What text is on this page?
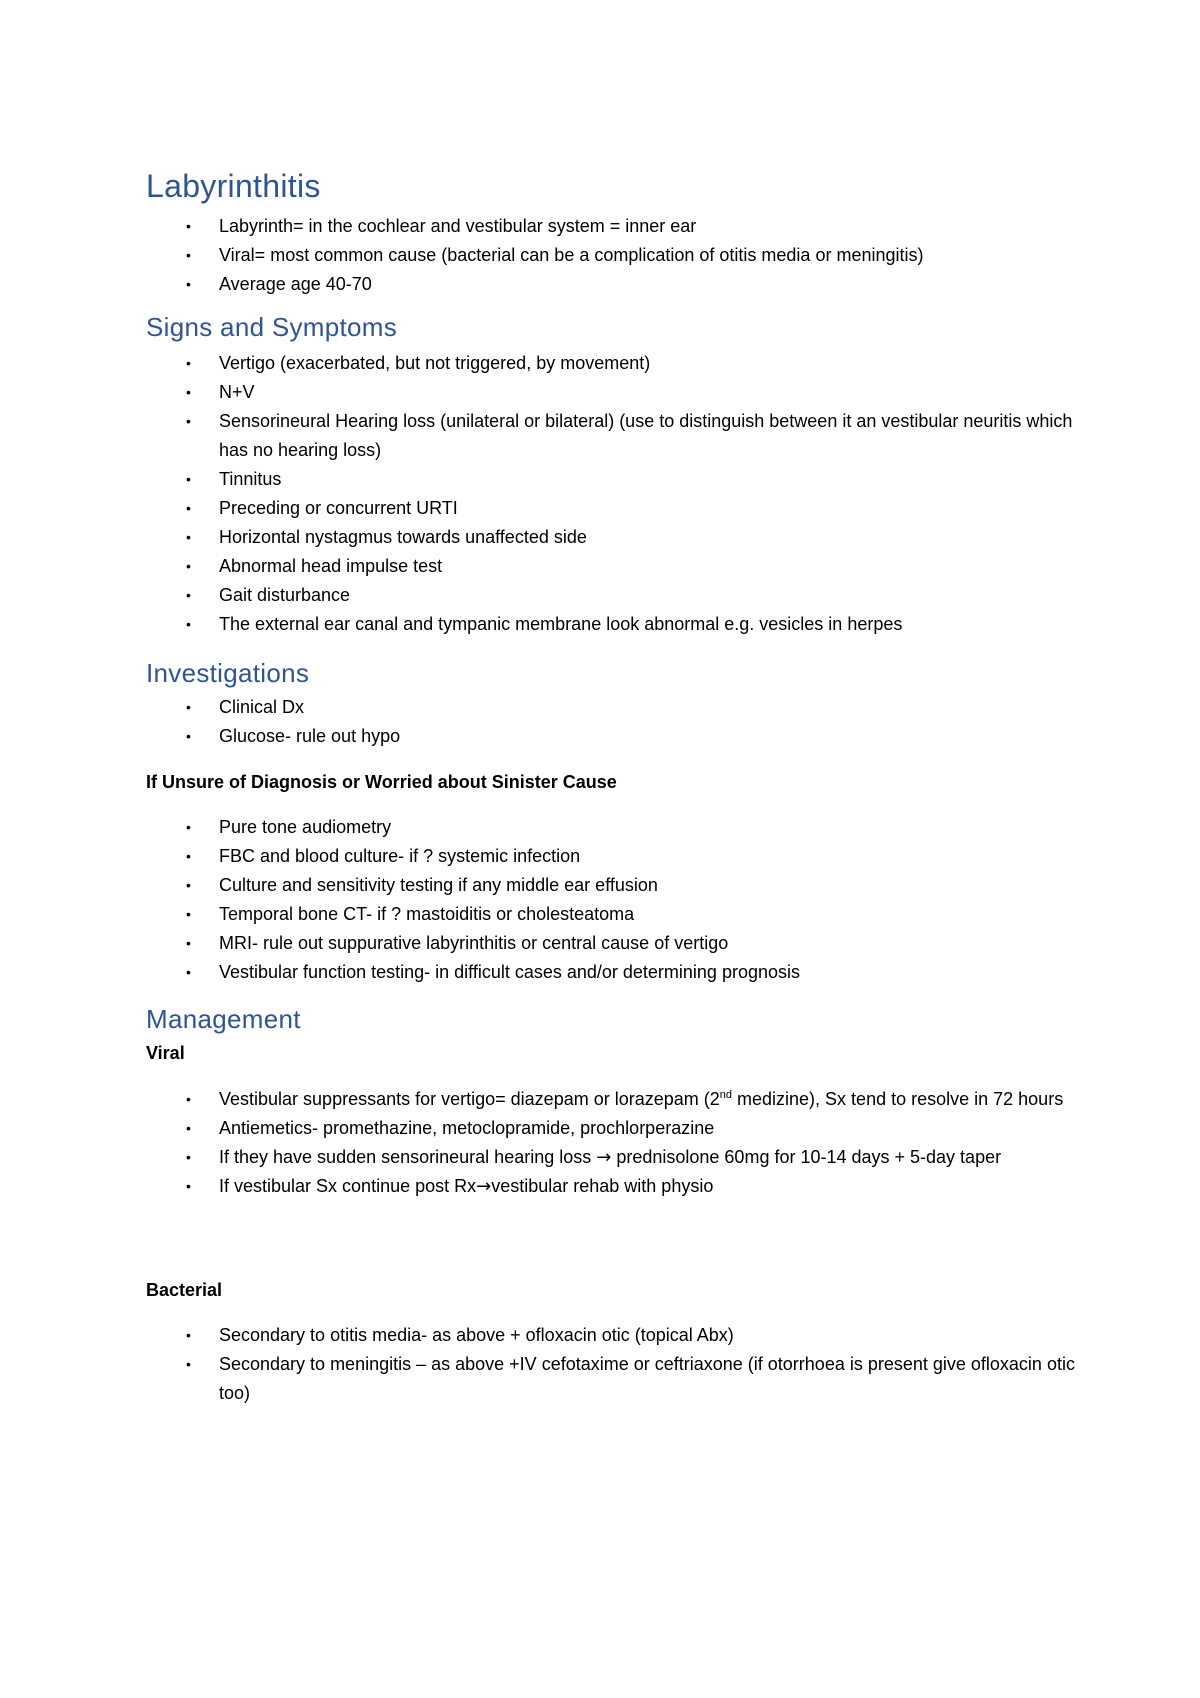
Labyrinthitis
• Labyrinth= in the cochlear and vestibular system = inner ear
• Viral= most common cause (bacterial can be a complication of otitis media or meningitis)
• Average age 40-70
Signs and Symptoms
• Vertigo (exacerbated, but not triggered, by movement)
• N+V
• Sensorineural Hearing loss (unilateral or bilateral) (use to distinguish between it an vestibular neuritis which has no hearing loss)
• Tinnitus
• Preceding or concurrent URTI
• Horizontal nystagmus towards unaffected side
• Abnormal head impulse test
• Gait disturbance
• The external ear canal and tympanic membrane look abnormal e.g. vesicles in herpes
Investigations
• Clinical Dx
• Glucose- rule out hypo
If Unsure of Diagnosis or Worried about Sinister Cause
• Pure tone audiometry
• FBC and blood culture- if ? systemic infection
• Culture and sensitivity testing if any middle ear effusion
• Temporal bone CT- if ? mastoiditis or cholesteatoma
• MRI- rule out suppurative labyrinthitis or central cause of vertigo
• Vestibular function testing- in difficult cases and/or determining prognosis
Management
Viral
• Vestibular suppressants for vertigo= diazepam or lorazepam (2nd medizine), Sx tend to resolve in 72 hours
• Antiemetics- promethazine, metoclopramide, prochlorperazine
• If they have sudden sensorineural hearing loss → prednisolone 60mg for 10-14 days + 5-day taper
• If vestibular Sx continue post Rx→vestibular rehab with physio
Bacterial
• Secondary to otitis media- as above + ofloxacin otic (topical Abx)
• Secondary to meningitis – as above +IV cefotaxime or ceftriaxone (if otorrhoea is present give ofloxacin otic too)
